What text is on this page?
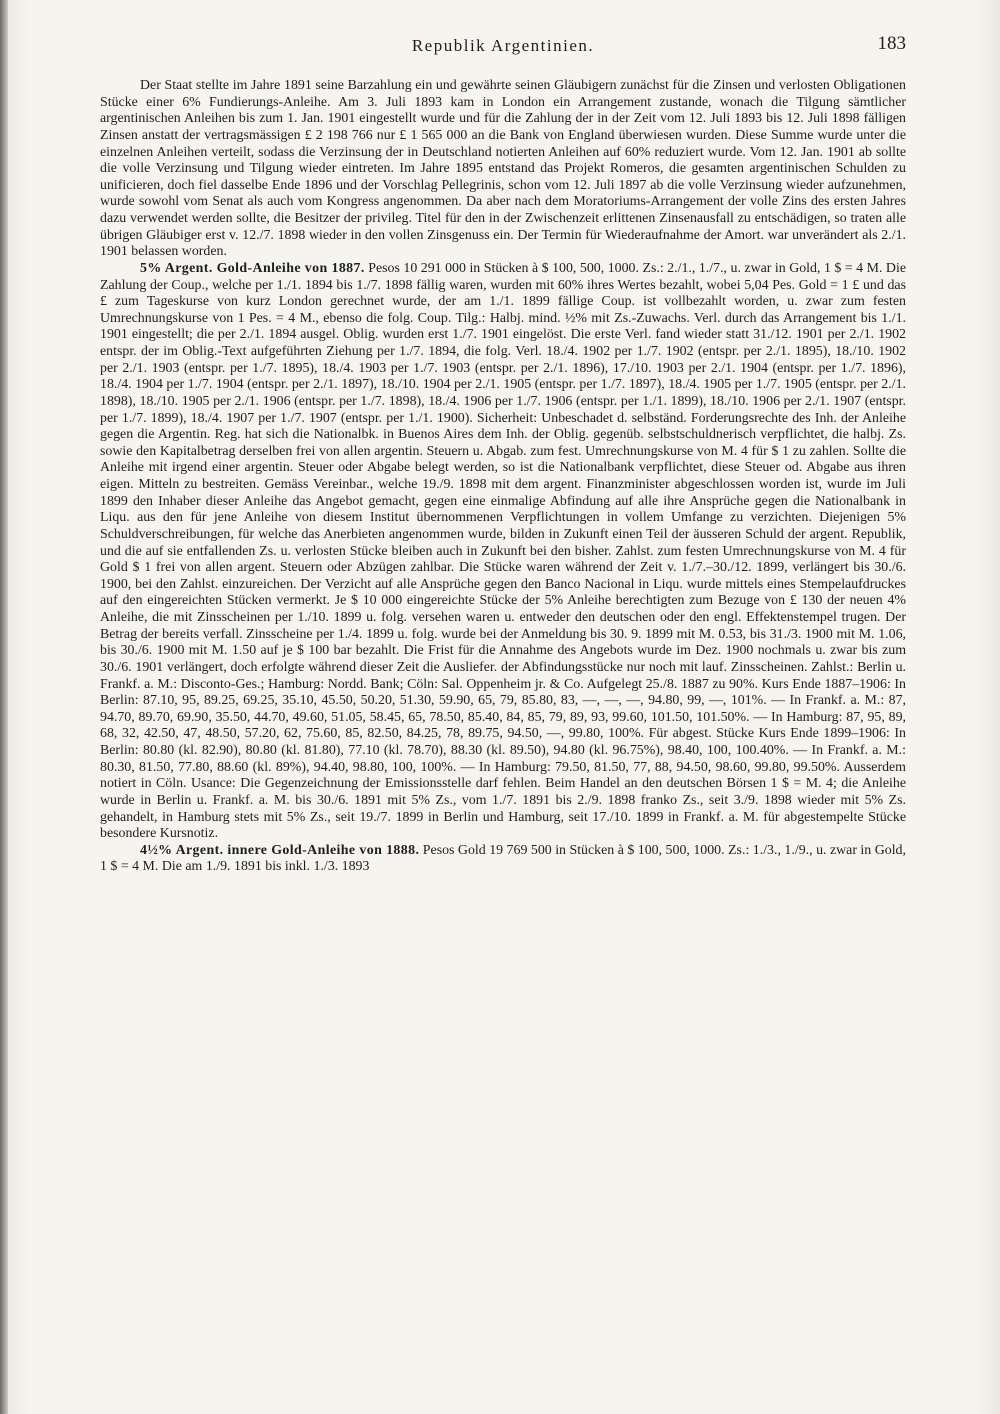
Republik Argentinien.	183

Der Staat stellte im Jahre 1891 seine Barzahlung ein und gewährte seinen Gläubigern zunächst für die Zinsen und verlosten Obligationen Stücke einer 6% Fundierungs-Anleihe. Am 3. Juli 1893 kam in London ein Arrangement zustande, wonach die Tilgung sämtlicher argentinischen Anleihen bis zum 1. Jan. 1901 eingestellt wurde und für die Zahlung der in der Zeit vom 12. Juli 1893 bis 12. Juli 1898 fälligen Zinsen anstatt der vertragsmässigen £ 2 198 766 nur £ 1 565 000 an die Bank von England überwiesen wurden. Diese Summe wurde unter die einzelnen Anleihen verteilt, sodass die Verzinsung der in Deutschland notierten Anleihen auf 60% reduziert wurde. Vom 12. Jan. 1901 ab sollte die volle Verzinsung und Tilgung wieder eintreten. Im Jahre 1895 entstand das Projekt Romeros, die gesamten argentinischen Schulden zu unificieren, doch fiel dasselbe Ende 1896 und der Vorschlag Pellegrinis, schon vom 12. Juli 1897 ab die volle Verzinsung wieder aufzunehmen, wurde sowohl vom Senat als auch vom Kongress angenommen. Da aber nach dem Moratoriums-Arrangement der volle Zins des ersten Jahres dazu verwendet werden sollte, die Besitzer der privileg. Titel für den in der Zwischenzeit erlittenen Zinsenausfall zu entschädigen, so traten alle übrigen Gläubiger erst v. 12./7. 1898 wieder in den vollen Zinsgenuss ein. Der Termin für Wiederaufnahme der Amort. war unverändert als 2./1. 1901 belassen worden.

5% Argent. Gold-Anleihe von 1887. Pesos 10 291 000 in Stücken à $ 100, 500, 1000. Zs.: 2./1., 1./7., u. zwar in Gold, 1 $ = 4 M. Die Zahlung der Coup., welche per 1./1. 1894 bis 1./7. 1898 fällig waren, wurden mit 60% ihres Wertes bezahlt, wobei 5,04 Pes. Gold = 1 £ und das £ zum Tageskurse von kurz London gerechnet wurde, der am 1./1. 1899 fällige Coup. ist vollbezahlt worden, u. zwar zum festen Umrechnungskurse von 1 Pes. = 4 M., ebenso die folg. Coup. Tilg.: Halbj. mind. ½% mit Zs.-Zuwachs. Verl. durch das Arrangement bis 1./1. 1901 eingestellt; die per 2./1. 1894 ausgel. Oblig. wurden erst 1./7. 1901 eingelöst. Die erste Verl. fand wieder statt 31./12. 1901 per 2./1. 1902 entspr. der im Oblig.-Text aufgeführten Ziehung per 1./7. 1894, die folg. Verl. 18./4. 1902 per 1./7. 1902 (entspr. per 2./1. 1895), 18./10. 1902 per 2./1. 1903 (entspr. per 1./7. 1895), 18./4. 1903 per 1./7. 1903 (entspr. per 2./1. 1896), 17./10. 1903 per 2./1. 1904 (entspr. per 1./7. 1896), 18./4. 1904 per 1./7. 1904 (entspr. per 2./1. 1897), 18./10. 1904 per 2./1. 1905 (entspr. per 1./7. 1897), 18./4. 1905 per 1./7. 1905 (entspr. per 2./1. 1898), 18./10. 1905 per 2./1. 1906 (entspr. per 1./7. 1898), 18./4. 1906 per 1./7. 1906 (entspr. per 1./1. 1899), 18./10. 1906 per 2./1. 1907 (entspr. per 1./7. 1899), 18./4. 1907 per 1./7. 1907 (entspr. per 1./1. 1900). Sicherheit: Unbeschadet d. selbständ. Forderungsrechte des Inh. der Anleihe gegen die Argentin. Reg. hat sich die Nationalbk. in Buenos Aires dem Inh. der Oblig. gegenüb. selbstschuldnerisch verpflichtet, die halbj. Zs. sowie den Kapitalbetrag derselben frei von allen argentin. Steuern u. Abgab. zum fest. Umrechnungskurse von M. 4 für $ 1 zu zahlen. Sollte die Anleihe mit irgend einer argentin. Steuer oder Abgabe belegt werden, so ist die Nationalbank verpflichtet, diese Steuer od. Abgabe aus ihren eigen. Mitteln zu bestreiten. Gemäss Vereinbar., welche 19./9. 1898 mit dem argent. Finanzminister abgeschlossen worden ist, wurde im Juli 1899 den Inhaber dieser Anleihe das Angebot gemacht, gegen eine einmalige Abfindung auf alle ihre Ansprüche gegen die Nationalbank in Liqu. aus den für jene Anleihe von diesem Institut übernommenen Verpflichtungen in vollem Umfange zu verzichten. Diejenigen 5% Schuldverschreibungen, für welche das Anerbieten angenommen wurde, bilden in Zukunft einen Teil der äusseren Schuld der argent. Republik, und die auf sie entfallenden Zs. u. verlosten Stücke bleiben auch in Zukunft bei den bisher. Zahlst. zum festen Umrechnungskurse von M. 4 für Gold $ 1 frei von allen argent. Steuern oder Abzügen zahlbar. Die Stücke waren während der Zeit v. 1./7.–30./12. 1899, verlängert bis 30./6. 1900, bei den Zahlst. einzureichen. Der Verzicht auf alle Ansprüche gegen den Banco Nacional in Liqu. wurde mittels eines Stempelaufdruckes auf den eingereichten Stücken vermerkt. Je $ 10 000 eingereichte Stücke der 5% Anleihe berechtigten zum Bezuge von £ 130 der neuen 4% Anleihe, die mit Zinsscheinen per 1./10. 1899 u. folg. versehen waren u. entweder den deutschen oder den engl. Effektenstempel trugen. Der Betrag der bereits verfall. Zinsscheine per 1./4. 1899 u. folg. wurde bei der Anmeldung bis 30. 9. 1899 mit M. 0.53, bis 31./3. 1900 mit M. 1.06, bis 30./6. 1900 mit M. 1.50 auf je $ 100 bar bezahlt. Die Frist für die Annahme des Angebots wurde im Dez. 1900 nochmals u. zwar bis zum 30./6. 1901 verlängert, doch erfolgte während dieser Zeit die Ausliefer. der Abfindungsstücke nur noch mit lauf. Zinsscheinen. Zahlst.: Berlin u. Frankf. a. M.: Disconto-Ges.; Hamburg: Nordd. Bank; Cöln: Sal. Oppenheim jr. & Co. Aufgelegt 25./8. 1887 zu 90%. Kurs Ende 1887–1906: In Berlin: 87.10, 95, 89.25, 69.25, 35.10, 45.50, 50.20, 51.30, 59.90, 65, 79, 85.80, 83, —, —, —, 94.80, 99, —, 101%. — In Frankf. a. M.: 87, 94.70, 89.70, 69.90, 35.50, 44.70, 49.60, 51.05, 58.45, 65, 78.50, 85.40, 84, 85, 79, 89, 93, 99.60, 101.50, 101.50%. — In Hamburg: 87, 95, 89, 68, 32, 42.50, 47, 48.50, 57.20, 62, 75.60, 85, 82.50, 84.25, 78, 89.75, 94.50, —, 99.80, 100%. Für abgest. Stücke Kurs Ende 1899–1906: In Berlin: 80.80 (kl. 82.90), 80.80 (kl. 81.80), 77.10 (kl. 78.70), 88.30 (kl. 89.50), 94.80 (kl. 96.75%), 98.40, 100, 100.40%. — In Frankf. a. M.: 80.30, 81.50, 77.80, 88.60 (kl. 89%), 94.40, 98.80, 100, 100%. — In Hamburg: 79.50, 81.50, 77, 88, 94.50, 98.60, 99.80, 99.50%. Ausserdem notiert in Cöln. Usance: Die Gegenzeichnung der Emissionsstelle darf fehlen. Beim Handel an den deutschen Börsen 1 $ = M. 4; die Anleihe wurde in Berlin u. Frankf. a. M. bis 30./6. 1891 mit 5% Zs., vom 1./7. 1891 bis 2./9. 1898 franko Zs., seit 3./9. 1898 wieder mit 5% Zs. gehandelt, in Hamburg stets mit 5% Zs., seit 19./7. 1899 in Berlin und Hamburg, seit 17./10. 1899 in Frankf. a. M. für abgestempelte Stücke besondere Kursnotiz.

4½% Argent. innere Gold-Anleihe von 1888. Pesos Gold 19 769 500 in Stücken à $ 100, 500, 1000. Zs.: 1./3., 1./9., u. zwar in Gold, 1 $ = 4 M. Die am 1./9. 1891 bis inkl. 1./3. 1893
